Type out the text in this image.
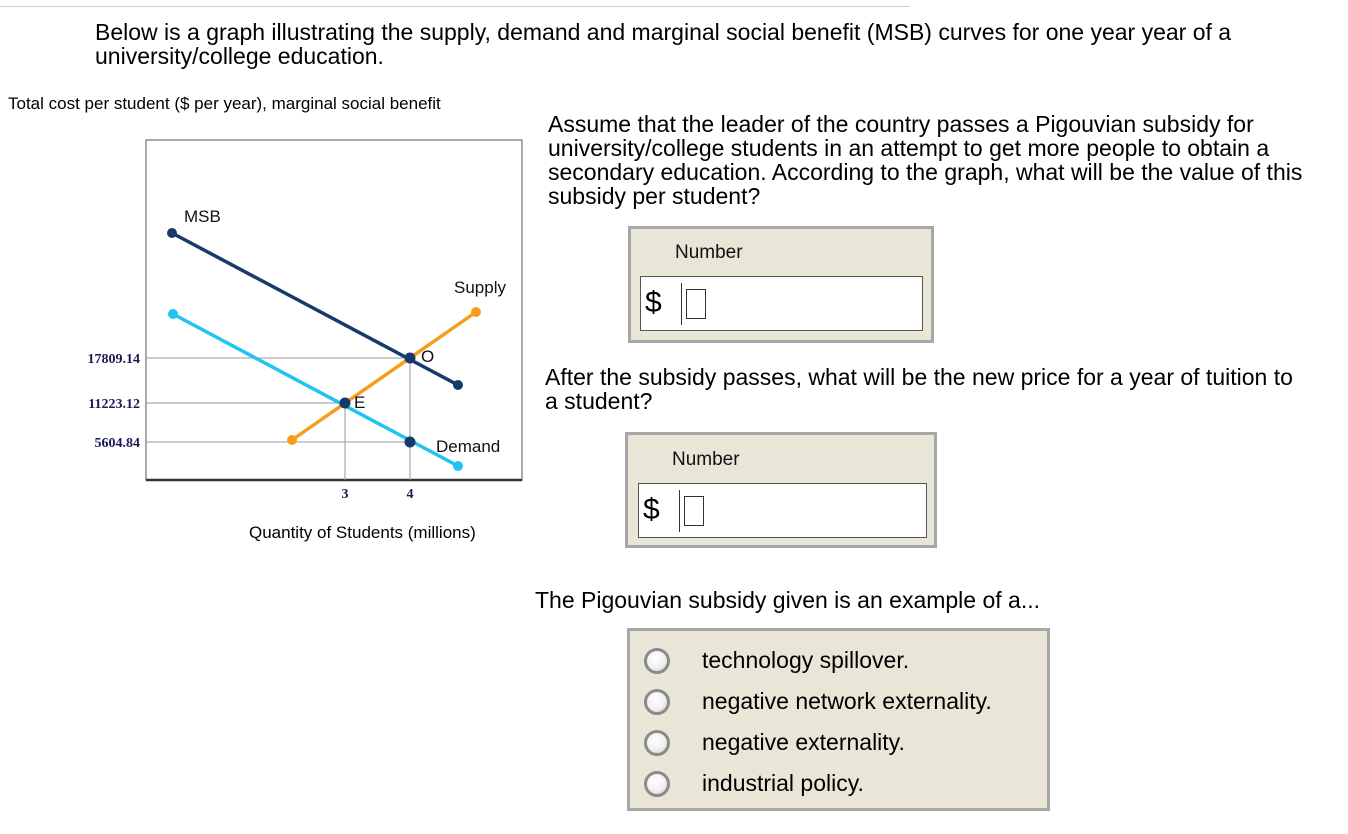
Below is a graph illustrating the supply, demand and marginal social benefit (MSB) curves for one year year of a university/college education.

Total cost per student ($ per year), marginal social benefit
17809.14
11223.12
5604.84
3	4
MSB
Supply
Demand
E
O
Quantity of Students (millions)

Assume that the leader of the country passes a Pigouvian subsidy for university/college students in an attempt to get more people to obtain a secondary education. According to the graph, what will be the value of this subsidy per student?

Number
$

After the subsidy passes, what will be the new price for a year of tuition to a student?

Number
$

The Pigouvian subsidy given is an example of a...

technology spillover.
negative network externality.
negative externality.
industrial policy.
